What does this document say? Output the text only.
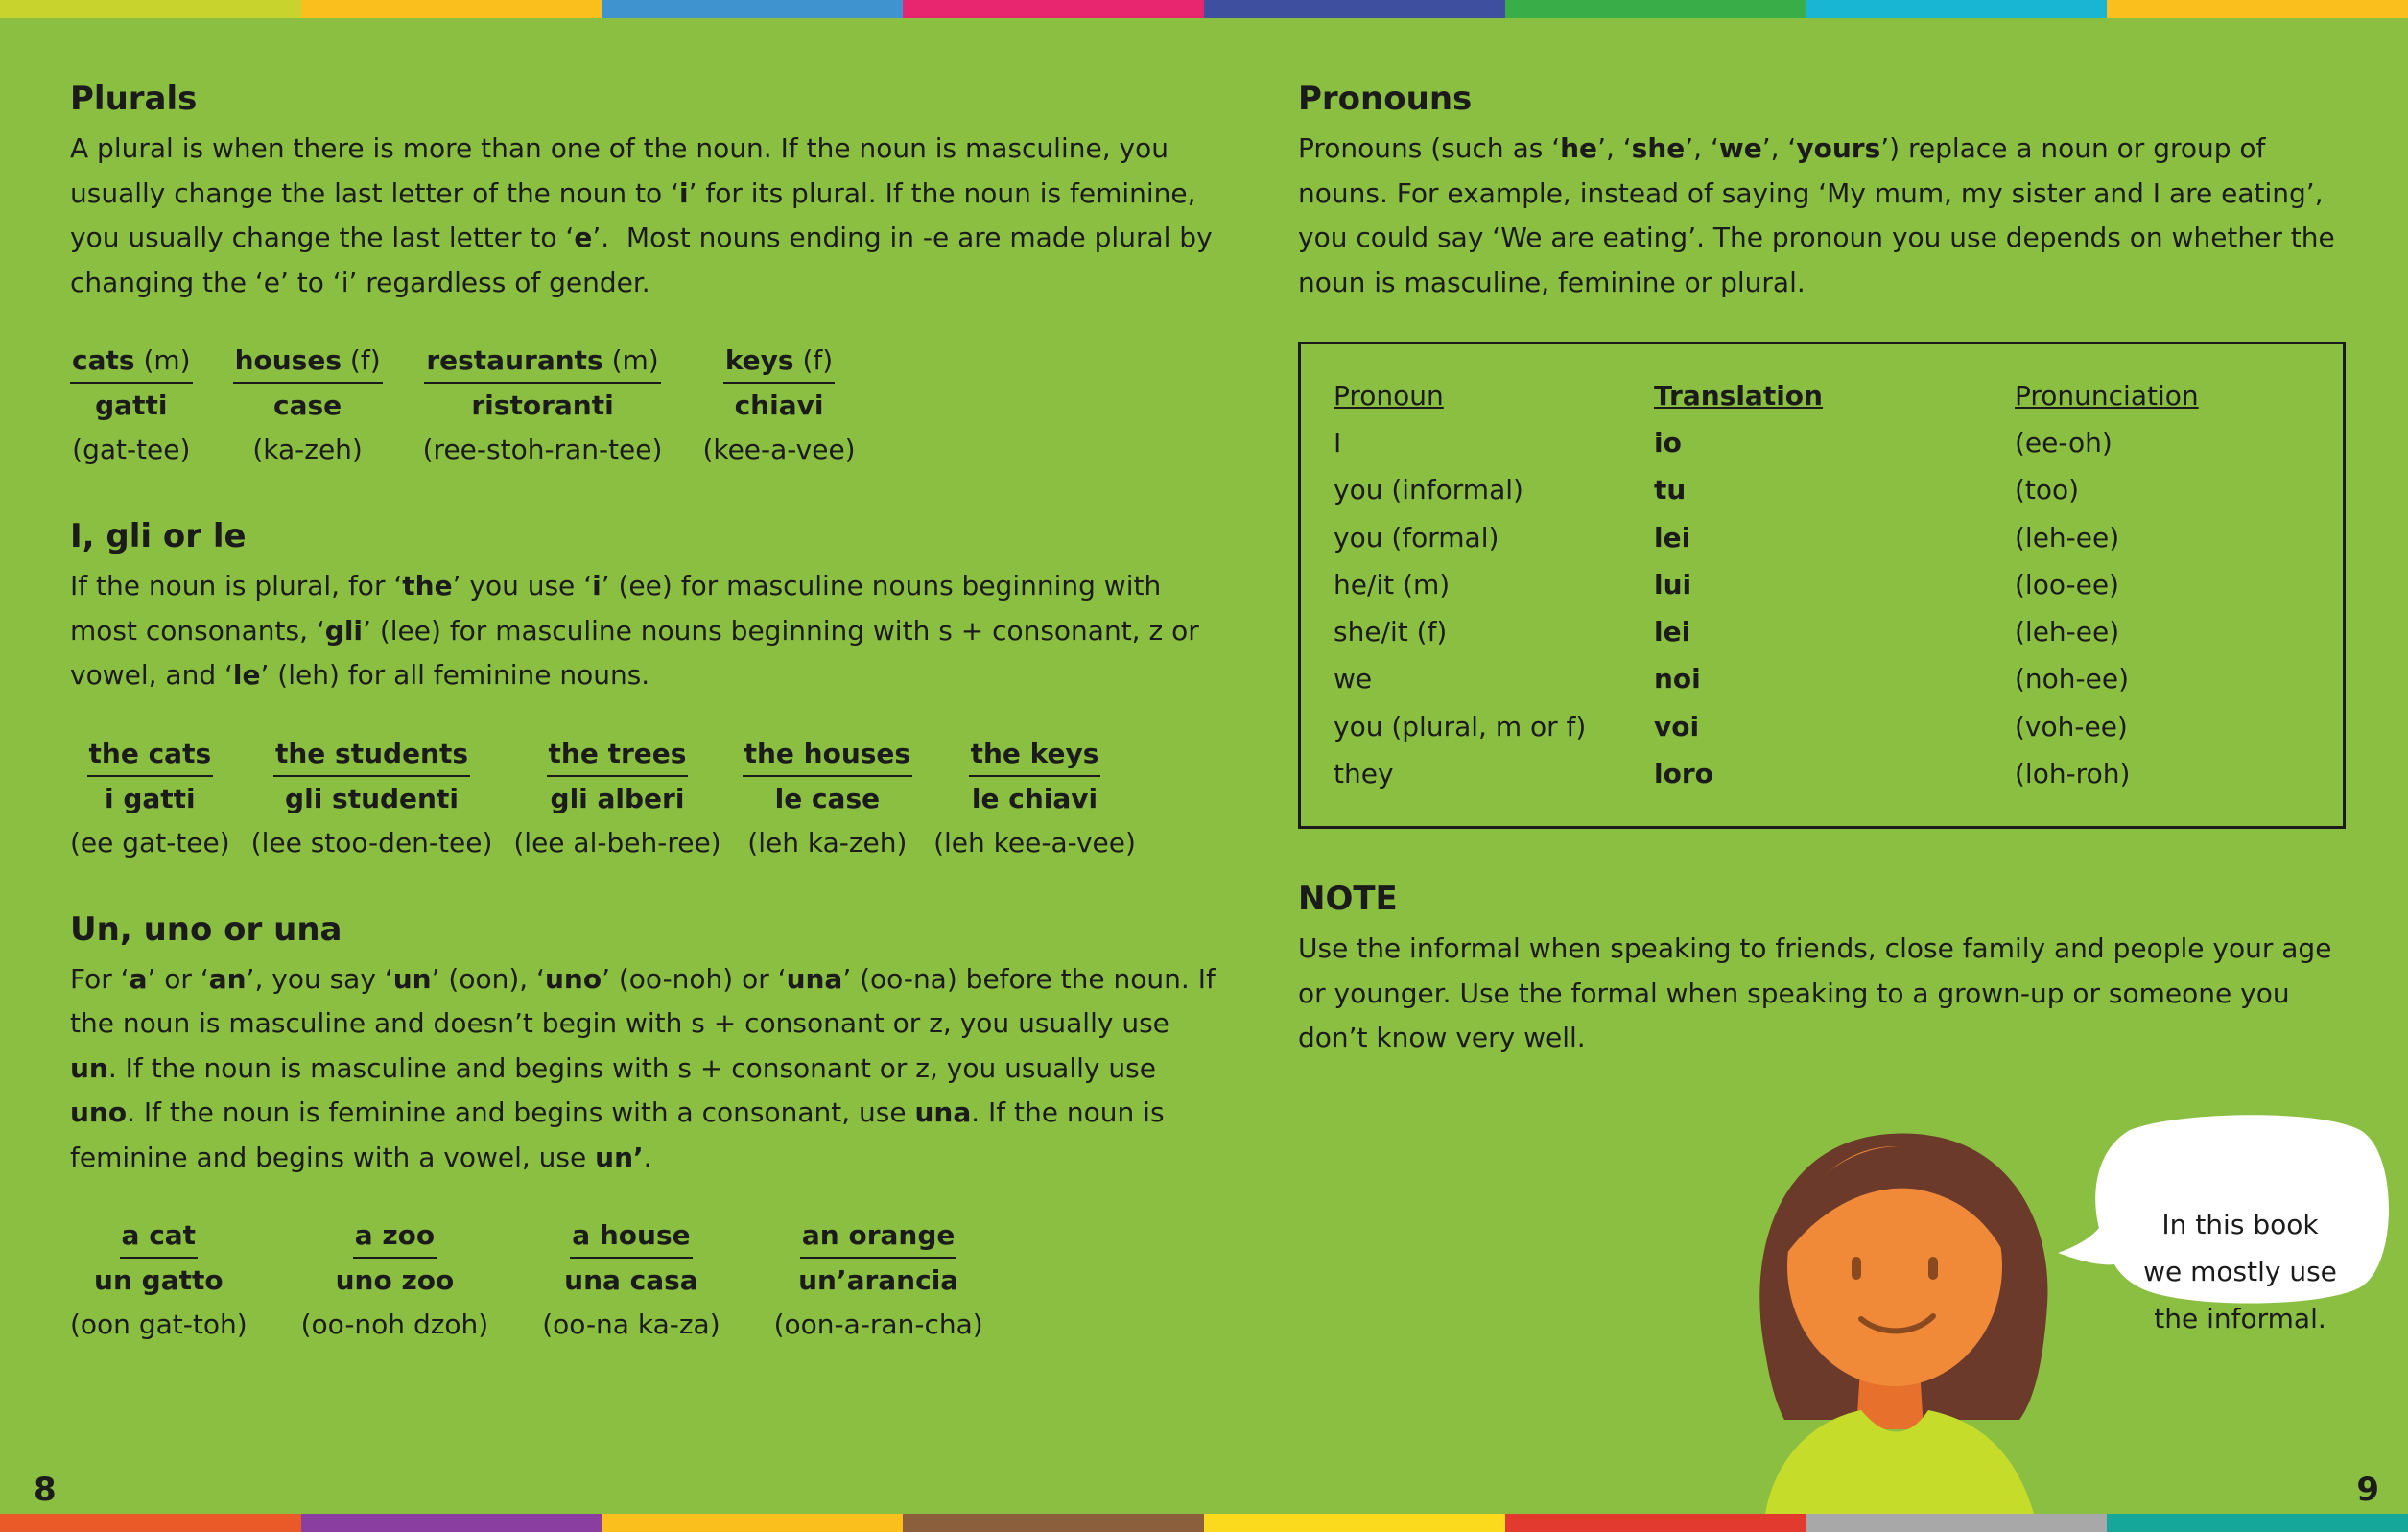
Plurals

A plural is when there is more than one of the noun. If the noun is masculine, you usually change the last letter of the noun to ‘i’ for its plural. If the noun is feminine, you usually change the last letter to ‘e’.  Most nouns ending in -e are made plural by changing the ‘e’ to ‘i’ regardless of gender.

cats (m)
gatti
(gat-tee)
houses (f)
case
(ka-zeh)
restaurants (m)
ristoranti
(ree-stoh-ran-tee)
keys (f)
chiavi
(kee-a-vee)
I, gli or le

If the noun is plural, for ‘the’ you use ‘i’ (ee) for masculine nouns beginning with most consonants, ‘gli’ (lee) for masculine nouns beginning with s + consonant, z or vowel, and ‘le’ (leh) for all feminine nouns.

the cats
i gatti
(ee gat-tee)
the students
gli studenti
(lee stoo-den-tee)
the trees
gli alberi
(lee al-beh-ree)
the houses
le case
(leh ka-zeh)
the keys
le chiavi
(leh kee-a-vee)
Un, uno or una

For ‘a’ or ‘an’, you say ‘un’ (oon), ‘uno’ (oo-noh) or ‘una’ (oo-na) before the noun. If the noun is masculine and doesn’t begin with s + consonant or z, you usually use un. If the noun is masculine and begins with s + consonant or z, you usually use uno. If the noun is feminine and begins with a consonant, use una. If the noun is feminine and begins with a vowel, use un’.

a cat
un gatto
(oon gat-toh)
a zoo
uno zoo
(oo-noh dzoh)
a house
una casa
(oo-na ka-za)
an orange
un’arancia
(oon-a-ran-cha)
Pronouns

Pronouns (such as ‘he’, ‘she’, ‘we’, ‘yours’) replace a noun or group of nouns. For example, instead of saying ‘My mum, my sister and I are eating’, you could say ‘We are eating’. The pronoun you use depends on whether the noun is masculine, feminine or plural.

Pronoun	Translation	Pronunciation
I	io	(ee-oh)
you (informal)	tu	(too)
you (formal)	lei	(leh-ee)
he/it (m)	lui	(loo-ee)
she/it (f)	lei	(leh-ee)
we	noi	(noh-ee)
you (plural, m or f)	voi	(voh-ee)
they	loro	(loh-roh)
NOTE

Use the informal when speaking to friends, close family and people your age or younger. Use the formal when speaking to a grown-up or someone you don’t know very well.

In this book
we mostly use
the informal.
8	9
